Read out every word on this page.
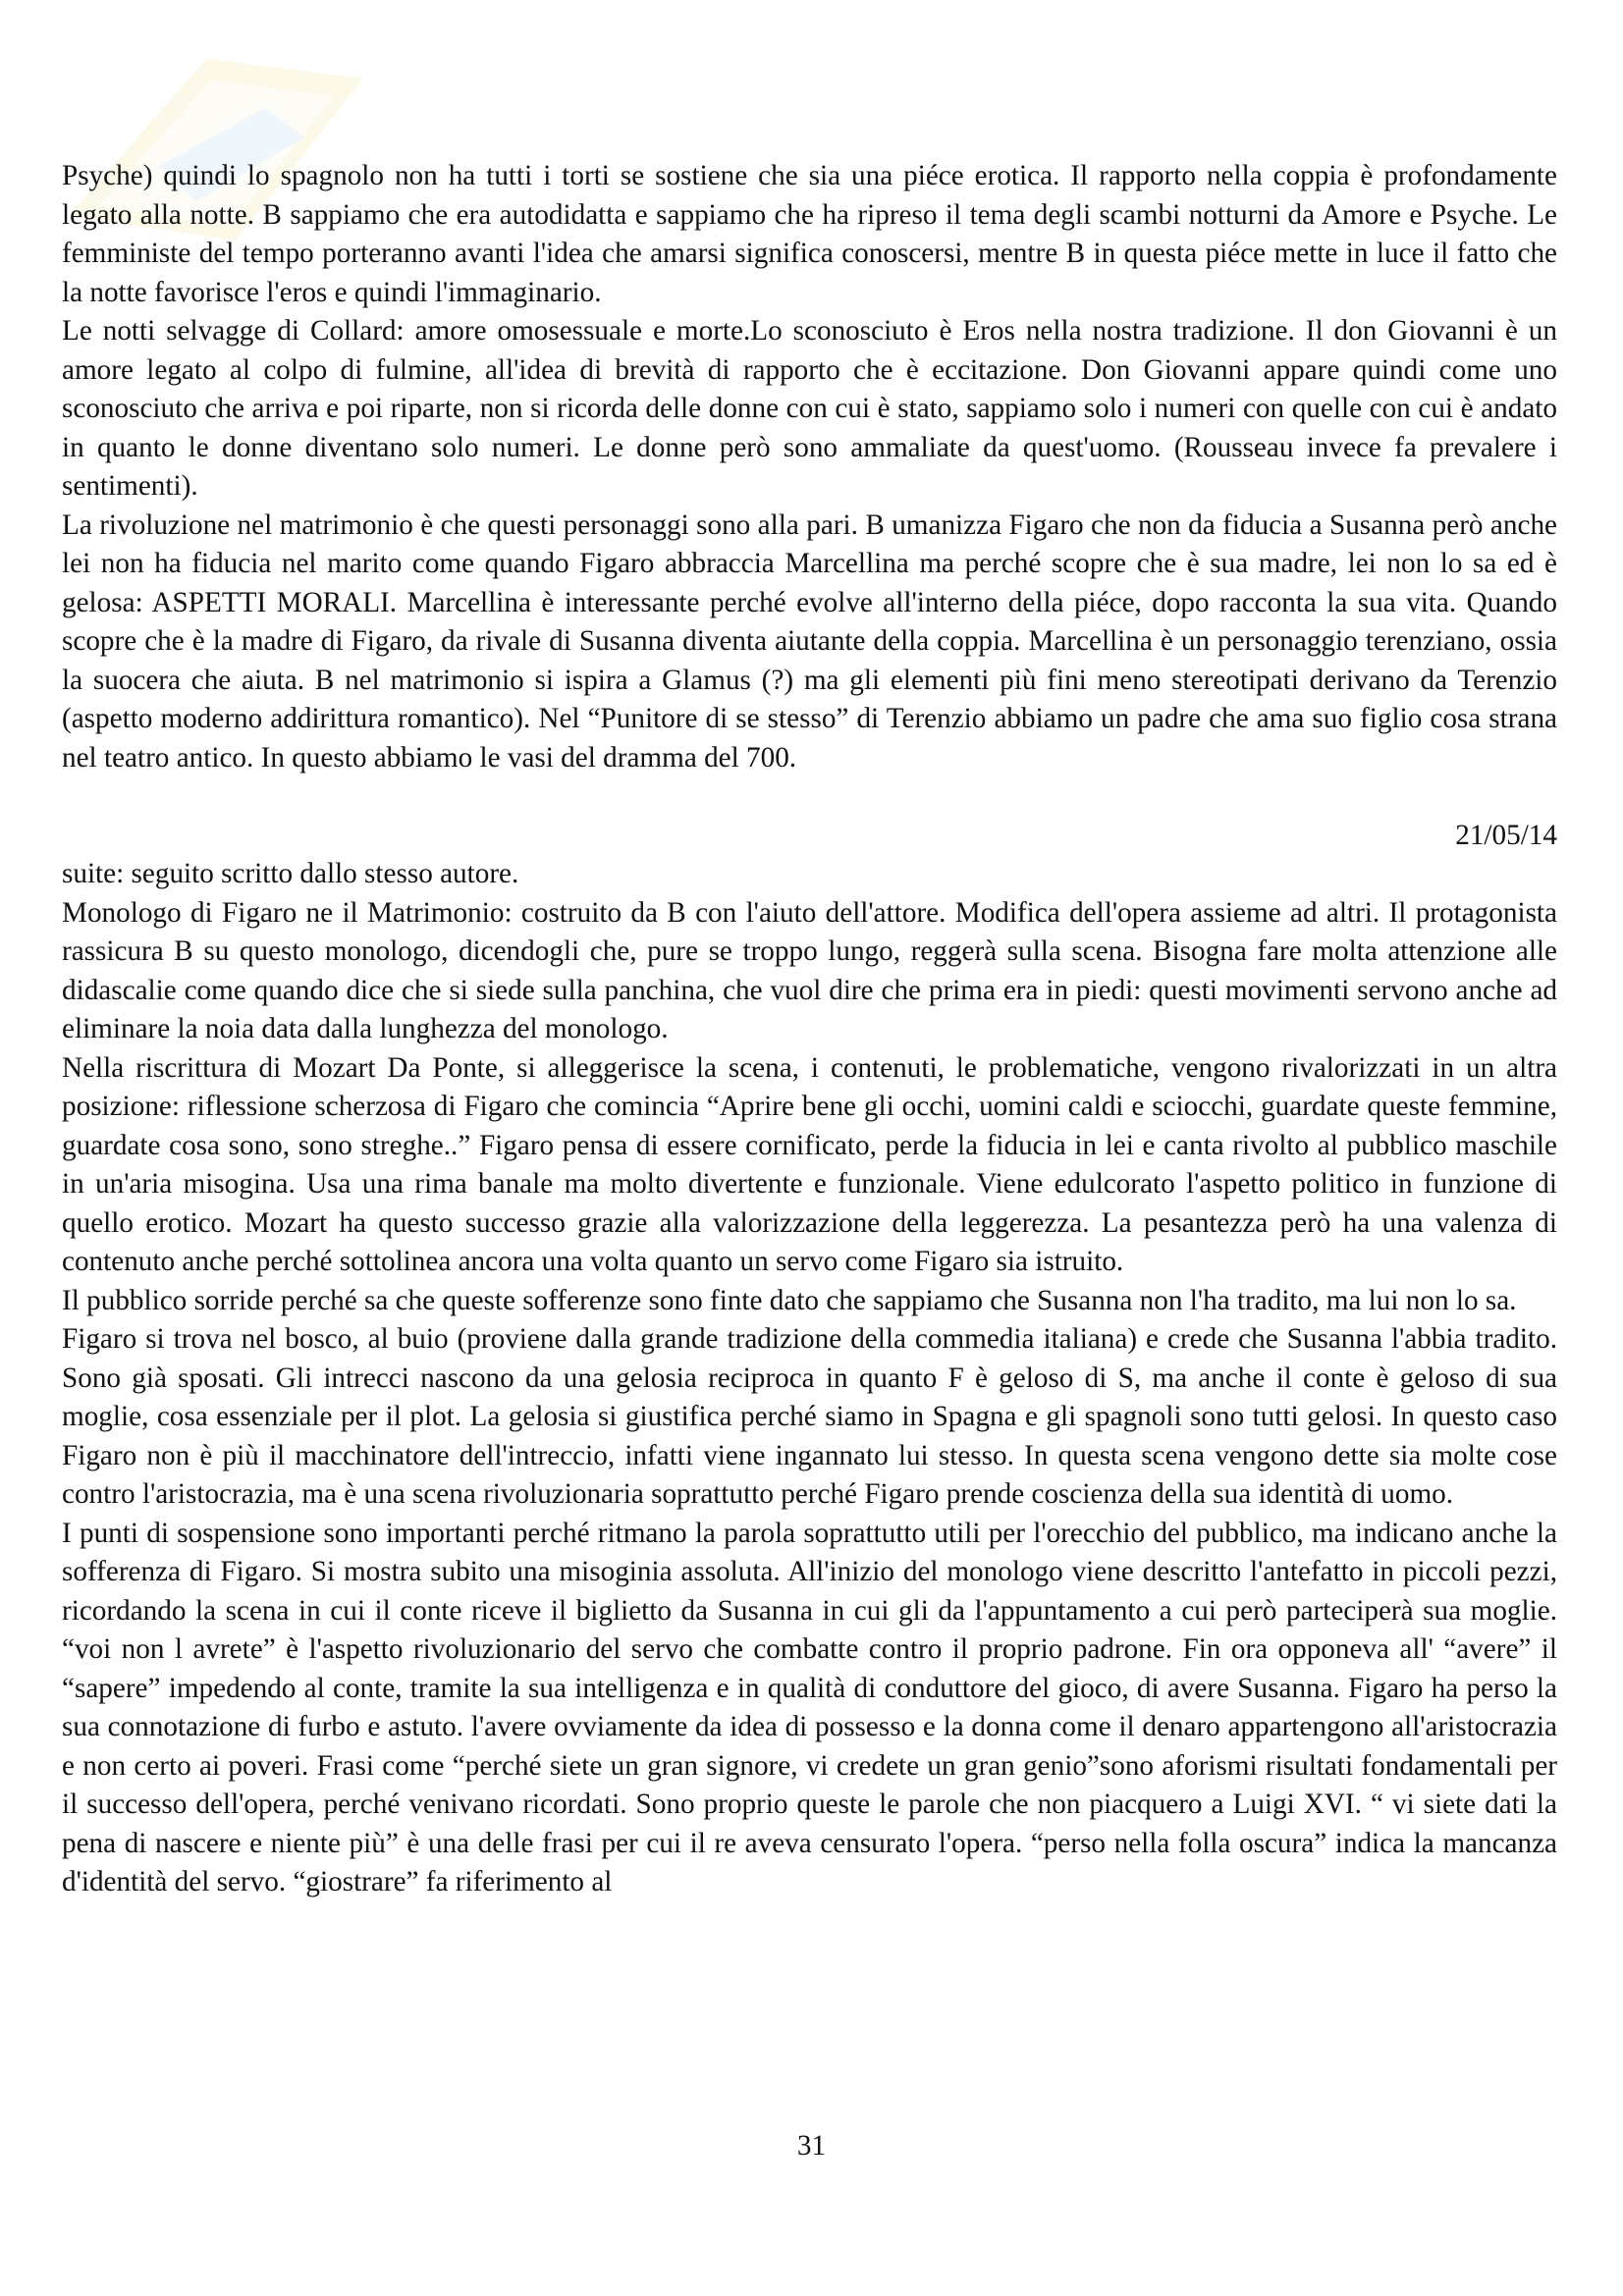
Psyche) quindi lo spagnolo non ha tutti i torti se sostiene che sia una piéce erotica. Il rapporto nella coppia è profondamente legato alla notte. B sappiamo che era autodidatta e sappiamo che ha ripreso il tema degli scambi notturni da Amore e Psyche. Le femministe del tempo porteranno avanti l'idea che amarsi significa conoscersi, mentre B in questa piéce mette in luce il fatto che la notte favorisce l'eros e quindi l'immaginario.

Le notti selvagge di Collard: amore omosessuale e morte.Lo sconosciuto è Eros nella nostra tradizione. Il don Giovanni è un amore legato al colpo di fulmine, all'idea di brevità di rapporto che è eccitazione. Don Giovanni appare quindi come uno sconosciuto che arriva e poi riparte, non si ricorda delle donne con cui è stato, sappiamo solo i numeri con quelle con cui è andato in quanto le donne diventano solo numeri. Le donne però sono ammaliate da quest'uomo. (Rousseau invece fa prevalere i sentimenti).

La rivoluzione nel matrimonio è che questi personaggi sono alla pari. B umanizza Figaro che non da fiducia a Susanna però anche lei non ha fiducia nel marito come quando Figaro abbraccia Marcellina ma perché scopre che è sua madre, lei non lo sa ed è gelosa: ASPETTI MORALI. Marcellina è interessante perché evolve all'interno della piéce, dopo racconta la sua vita. Quando scopre che è la madre di Figaro, da rivale di Susanna diventa aiutante della coppia. Marcellina è un personaggio terenziano, ossia la suocera che aiuta. B nel matrimonio si ispira a Glamus (?) ma gli elementi più fini meno stereotipati derivano da Terenzio (aspetto moderno addirittura romantico). Nel “Punitore di se stesso” di Terenzio abbiamo un padre che ama suo figlio cosa strana nel teatro antico. In questo abbiamo le vasi del dramma del 700.

21/05/14

suite: seguito scritto dallo stesso autore.

Monologo di Figaro ne il Matrimonio: costruito da B con l'aiuto dell'attore. Modifica dell'opera assieme ad altri. Il protagonista rassicura B su questo monologo, dicendogli che, pure se troppo lungo, reggerà sulla scena. Bisogna fare molta attenzione alle didascalie come quando dice che si siede sulla panchina, che vuol dire che prima era in piedi: questi movimenti servono anche ad eliminare la noia data dalla lunghezza del monologo.

Nella riscrittura di Mozart Da Ponte, si alleggerisce la scena, i contenuti, le problematiche, vengono rivalorizzati in un altra posizione: riflessione scherzosa di Figaro che comincia “Aprire bene gli occhi, uomini caldi e sciocchi, guardate queste femmine, guardate cosa sono, sono streghe..” Figaro pensa di essere cornificato, perde la fiducia in lei e canta rivolto al pubblico maschile in un'aria misogina. Usa una rima banale ma molto divertente e funzionale. Viene edulcorato l'aspetto politico in funzione di quello erotico. Mozart ha questo successo grazie alla valorizzazione della leggerezza. La pesantezza però ha una valenza di contenuto anche perché sottolinea ancora una volta quanto un servo come Figaro sia istruito.

Il pubblico sorride perché sa che queste sofferenze sono finte dato che sappiamo che Susanna non l'ha tradito, ma lui non lo sa.

Figaro si trova nel bosco, al buio (proviene dalla grande tradizione della commedia italiana) e crede che Susanna l'abbia tradito. Sono già sposati. Gli intrecci nascono da una gelosia reciproca in quanto F è geloso di S, ma anche il conte è geloso di sua moglie, cosa essenziale per il plot. La gelosia si giustifica perché siamo in Spagna e gli spagnoli sono tutti gelosi. In questo caso Figaro non è più il macchinatore dell'intreccio, infatti viene ingannato lui stesso. In questa scena vengono dette sia molte cose contro l'aristocrazia, ma è una scena rivoluzionaria soprattutto perché Figaro prende coscienza della sua identità di uomo.

I punti di sospensione sono importanti perché ritmano la parola soprattutto utili per l'orecchio del pubblico, ma indicano anche la sofferenza di Figaro. Si mostra subito una misoginia assoluta. All'inizio del monologo viene descritto l'antefatto in piccoli pezzi, ricordando la scena in cui il conte riceve il biglietto da Susanna in cui gli da l'appuntamento a cui però parteciperà sua moglie. “voi non l avrete” è l'aspetto rivoluzionario del servo che combatte contro il proprio padrone. Fin ora opponeva all' “avere” il “sapere” impedendo al conte, tramite la sua intelligenza e in qualità di conduttore del gioco, di avere Susanna. Figaro ha perso la sua connotazione di furbo e astuto. l'avere ovviamente da idea di possesso e la donna come il denaro appartengono all'aristocrazia e non certo ai poveri. Frasi come “perché siete un gran signore, vi credete un gran genio”sono aforismi risultati fondamentali per il successo dell'opera, perché venivano ricordati. Sono proprio queste le parole che non piacquero a Luigi XVI. “ vi siete dati la pena di nascere e niente più” è una delle frasi per cui il re aveva censurato l'opera. “perso nella folla oscura” indica la mancanza d'identità del servo. “giostrare” fa riferimento al

31
